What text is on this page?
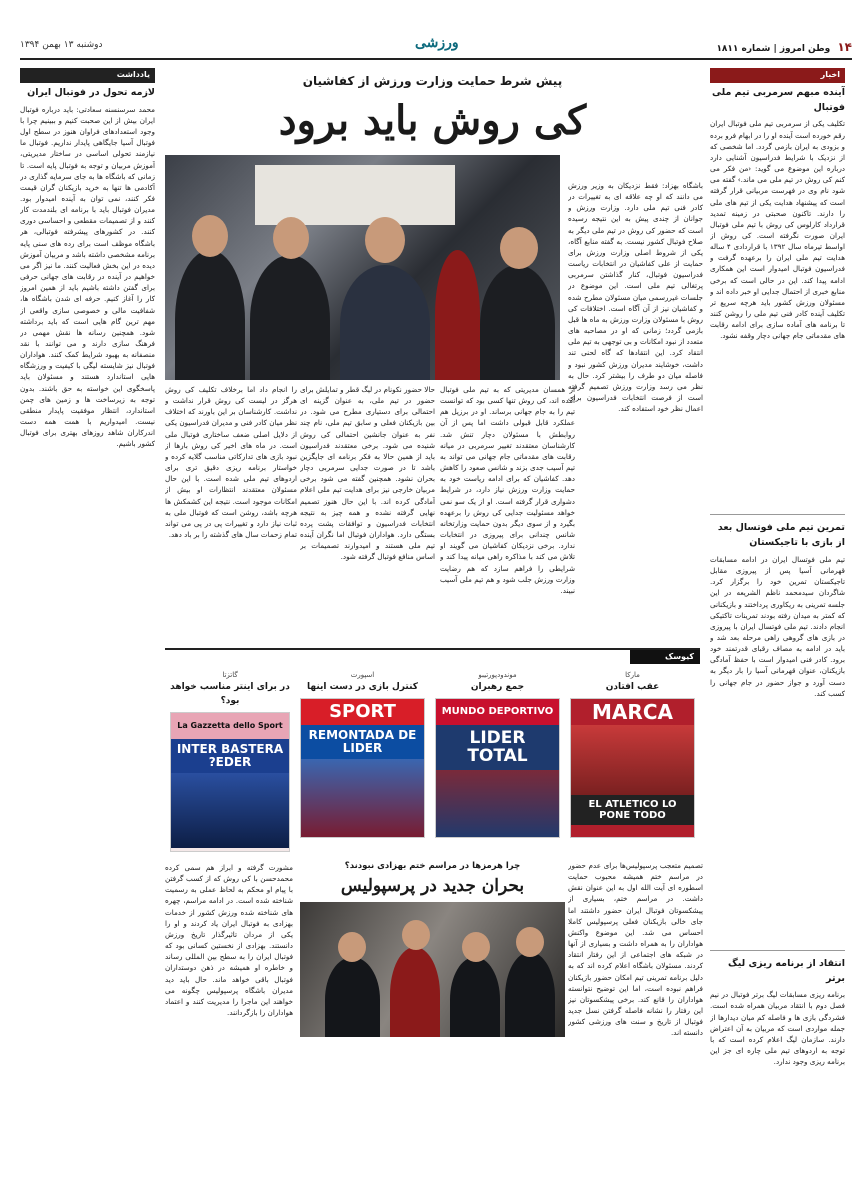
۱۴ وطن امروز | شماره ۱۸۱۱
ورزشی
دوشنبه ۱۳ بهمن ۱۳۹۴
اخبار
آینده مبهم سرمربی تیم ملی فوتبال
تکلیف یکی از سرمربی تیم ملی فوتبال ایران رقم خورده است آینده او را در ابهام فرو برده و بزودی به ایران بازمی گردد. اما شخصی که از نزدیک با شرایط فدراسیون آشنایی دارد درباره این موضوع می گوید: ‹من فکر می کنم کی روش در تیم ملی می ماند.› گفته می شود نام وی در فهرست مربیانی قرار گرفته است که پیشنهاد هدایت یکی از تیم های ملی را دارند. تاکنون صحبتی در زمینه تمدید قرارداد کارلوس کی روش با تیم ملی فوتبال ایران صورت نگرفته است. کی روش از اواسط تیرماه سال ۱۳۹۲ با قراردادی ۴ ساله هدایت تیم ملی ایران را برعهده گرفت و فدراسیون فوتبال امیدوار است این همکاری ادامه پیدا کند. این در حالی است که برخی منابع خبری از احتمال جدایی او خبر داده اند و مسئولان ورزش کشور باید هرچه سریع تر تکلیف آینده کادر فنی تیم ملی را روشن کنند تا برنامه های آماده سازی برای ادامه رقابت های مقدماتی جام جهانی دچار وقفه نشود.
تمرین تیم ملی فوتسال بعد از بازی با تاجیکستان
تیم ملی فوتسال ایران در ادامه مسابقات قهرمانی آسیا پس از پیروزی مقابل تاجیکستان تمرین خود را برگزار کرد. شاگردان سیدمحمد ناظم الشریعه در این جلسه تمرینی به ریکاوری پرداختند و بازیکنانی که کمتر به میدان رفته بودند تمرینات تاکتیکی انجام دادند. تیم ملی فوتسال ایران با پیروزی در بازی های گروهی راهی مرحله بعد شد و باید در ادامه به مصاف رقبای قدرتمند خود برود. کادر فنی امیدوار است با حفظ آمادگی بازیکنان، عنوان قهرمانی آسیا را بار دیگر به دست آورد و جواز حضور در جام جهانی را کسب کند.
انتقاد از برنامه ریزی لیگ برتر
برنامه ریزی مسابقات لیگ برتر فوتبال در نیم فصل دوم با انتقاد مربیان همراه شده است. فشردگی بازی ها و فاصله کم میان دیدارها از جمله مواردی است که مربیان به آن اعتراض دارند. سازمان لیگ اعلام کرده است که با توجه به اردوهای تیم ملی چاره ای جز این برنامه ریزی وجود ندارد.
یادداشت
لازمه تحول در فوتبال ایران
محمد سرسنسنه سعادتی: باید درباره فوتبال ایران بیش از این صحبت کنیم و ببینیم چرا با وجود استعدادهای فراوان هنوز در سطح اول فوتبال آسیا جایگاهی پایدار نداریم. فوتبال ما نیازمند تحولی اساسی در ساختار مدیریتی، آموزش مربیان و توجه به فوتبال پایه است. تا زمانی که باشگاه ها به جای سرمایه گذاری در آکادمی ها تنها به خرید بازیکنان گران قیمت فکر کنند، نمی توان به آینده امیدوار بود. مدیران فوتبال باید با برنامه ای بلندمدت کار کنند و از تصمیمات مقطعی و احساسی دوری کنند. در کشورهای پیشرفته فوتبالی، هر باشگاه موظف است برای رده های سنی پایه برنامه مشخصی داشته باشد و مربیان آموزش دیده در این بخش فعالیت کنند. ما نیز اگر می خواهیم در آینده در رقابت های جهانی حرفی برای گفتن داشته باشیم باید از همین امروز کار را آغاز کنیم. حرفه ای شدن باشگاه ها، شفافیت مالی و خصوصی سازی واقعی از مهم ترین گام هایی است که باید برداشته شود. همچنین رسانه ها نقش مهمی در فرهنگ سازی دارند و می توانند با نقد منصفانه به بهبود شرایط کمک کنند. هواداران فوتبال نیز شایسته لیگی با کیفیت و ورزشگاه هایی استاندارد هستند و مسئولان باید پاسخگوی این خواسته به حق باشند. بدون توجه به زیرساخت ها و زمین های چمن استاندارد، انتظار موفقیت پایدار منطقی نیست. امیدواریم با همت همه دست اندرکاران شاهد روزهای بهتری برای فوتبال کشور باشیم.
پیش شرط حمایت وزارت ورزش از کفاشیان
کی روش باید برود
باشگاه بهزاد: فقط نزدیکان به وزیر ورزش می دانند که او چه علاقه ای به تغییرات در کادر فنی تیم ملی دارد. وزارت ورزش و جوانان از چندی پیش به این نتیجه رسیده است که حضور کی روش در تیم ملی دیگر به صلاح فوتبال کشور نیست. به گفته منابع آگاه، یکی از شروط اصلی وزارت ورزش برای حمایت از علی کفاشیان در انتخابات ریاست فدراسیون فوتبال، کنار گذاشتن سرمربی پرتغالی تیم ملی است. این موضوع در جلسات غیررسمی میان مسئولان مطرح شده و کفاشیان نیز از آن آگاه است. اختلافات کی روش با مسئولان وزارت ورزش به ماه ها قبل بازمی گردد؛ زمانی که او در مصاحبه های متعدد از نبود امکانات و بی توجهی به تیم ملی انتقاد کرد. این انتقادها که گاه لحنی تند داشت، خوشایند مدیران ورزش کشور نبود و فاصله میان دو طرف را بیشتر کرد. حال به نظر می رسد وزارت ورزش تصمیم گرفته است از فرصت انتخابات فدراسیون برای اعمال نظر خود استفاده کند.
از همسان مدیریتی که به تیم ملی فوتبال آمده اند، کی روش تنها کسی بود که توانست تیم را به جام جهانی برساند. او در برزیل هم عملکرد قابل قبولی داشت اما پس از آن روابطش با مسئولان دچار تنش شد. کارشناسان معتقدند تغییر سرمربی در میانه رقابت های مقدماتی جام جهانی می تواند به تیم آسیب جدی بزند و شانس صعود را کاهش دهد. کفاشیان که برای ادامه ریاست خود به حمایت وزارت ورزش نیاز دارد، در شرایط دشواری قرار گرفته است. او از یک سو نمی خواهد مسئولیت جدایی کی روش را برعهده بگیرد و از سوی دیگر بدون حمایت وزارتخانه شانس چندانی برای پیروزی در انتخابات ندارد. برخی نزدیکان کفاشیان می گویند او تلاش می کند با مذاکره راهی میانه پیدا کند و شرایطی را فراهم سازد که هم رضایت وزارت ورزش جلب شود و هم تیم ملی آسیب نبیند.
حالا حضور نکونام در لیگ قطر و تمایلش برای حضور در تیم ملی، به عنوان گزینه ای احتمالی برای دستیاری مطرح می شود. در بین بازیکنان فعلی و سابق تیم ملی، نام چند نفر به عنوان جانشین احتمالی کی روش شنیده می شود. برخی معتقدند فدراسیون باید از همین حالا به فکر برنامه ای جایگزین باشد تا در صورت جدایی سرمربی دچار بحران نشود. همچنین گفته می شود برخی مربیان خارجی نیز برای هدایت تیم ملی اعلام آمادگی کرده اند. با این حال هنوز تصمیم نهایی گرفته نشده و همه چیز به نتیجه انتخابات فدراسیون و توافقات پشت پرده بستگی دارد. هواداران فوتبال اما نگران آینده تیم ملی هستند و امیدوارند تصمیمات بر اساس منافع فوتبال گرفته شود.
را انجام داد اما برخلاف تکلیف کی روش هرگز در لیست کی روش قرار نداشت و نداشت. کارشناسان بر این باورند که اختلاف نظر میان کادر فنی و مدیران فدراسیون یکی از دلایل اصلی ضعف ساختاری فوتبال ملی است. در ماه های اخیر کی روش بارها از نبود بازی های تدارکاتی مناسب گلایه کرده و خواستار برنامه ریزی دقیق تری برای اردوهای تیم ملی شده است. با این حال مسئولان معتقدند انتظارات او بیش از امکانات موجود است. نتیجه این کشمکش ها هرچه باشد، روشن است که فوتبال ملی به ثبات نیاز دارد و تغییرات پی در پی می تواند تمام زحمات سال های گذشته را بر باد دهد.
کیوسک
مارکا
عقب افتادن
MARCA
EL ATLETICO LO PONE TODO
موندودپورتیبو
جمع رهبران
MUNDO DEPORTIVO
LIDER TOTAL
اسپورت
کنترل بازی در دست اینها
SPORT
REMONTADA DE LIDER
گاتزتا
در برای اینتر مناسب خواهد بود؟
La Gazzetta dello Sport
INTER BASTERA EDER?
چرا هرمزها در مراسم ختم بهزادی نبودند؟
بحران جدید در پرسپولیس
تصمیم متعجب پرسپولیس‌ها برای عدم حضور در مراسم ختم همیشه محبوب حمایت اسطوره ای آیت الله اول به این عنوان نقش داشت. در مراسم ختم، بسیاری از پیشکسوتان فوتبال ایران حضور داشتند اما جای خالی بازیکنان فعلی پرسپولیس کاملا احساس می شد. این موضوع واکنش هواداران را به همراه داشت و بسیاری از آنها در شبکه های اجتماعی از این رفتار انتقاد کردند. مسئولان باشگاه اعلام کرده اند که به دلیل برنامه تمرینی تیم امکان حضور بازیکنان فراهم نبوده است، اما این توضیح نتوانسته هواداران را قانع کند. برخی پیشکسوتان نیز این رفتار را نشانه فاصله گرفتن نسل جدید فوتبال از تاریخ و سنت های ورزشی کشور دانسته اند.
مشورت گرفته و ابراز هم سمی کرده محمدحسن با کی روش که از کسب گرفتن با پیام او محکم به لحاظ عملی به رسمیت شناخته شده است. در ادامه مراسم، چهره های شناخته شده ورزش کشور از خدمات بهزادی به فوتبال ایران یاد کردند و او را یکی از مردان تاثیرگذار تاریخ ورزش دانستند. بهزادی از نخستین کسانی بود که فوتبال ایران را به سطح بین المللی رساند و خاطره او همیشه در ذهن دوستداران فوتبال باقی خواهد ماند. حال باید دید مدیران باشگاه پرسپولیس چگونه می خواهند این ماجرا را مدیریت کنند و اعتماد هواداران را بازگردانند.
